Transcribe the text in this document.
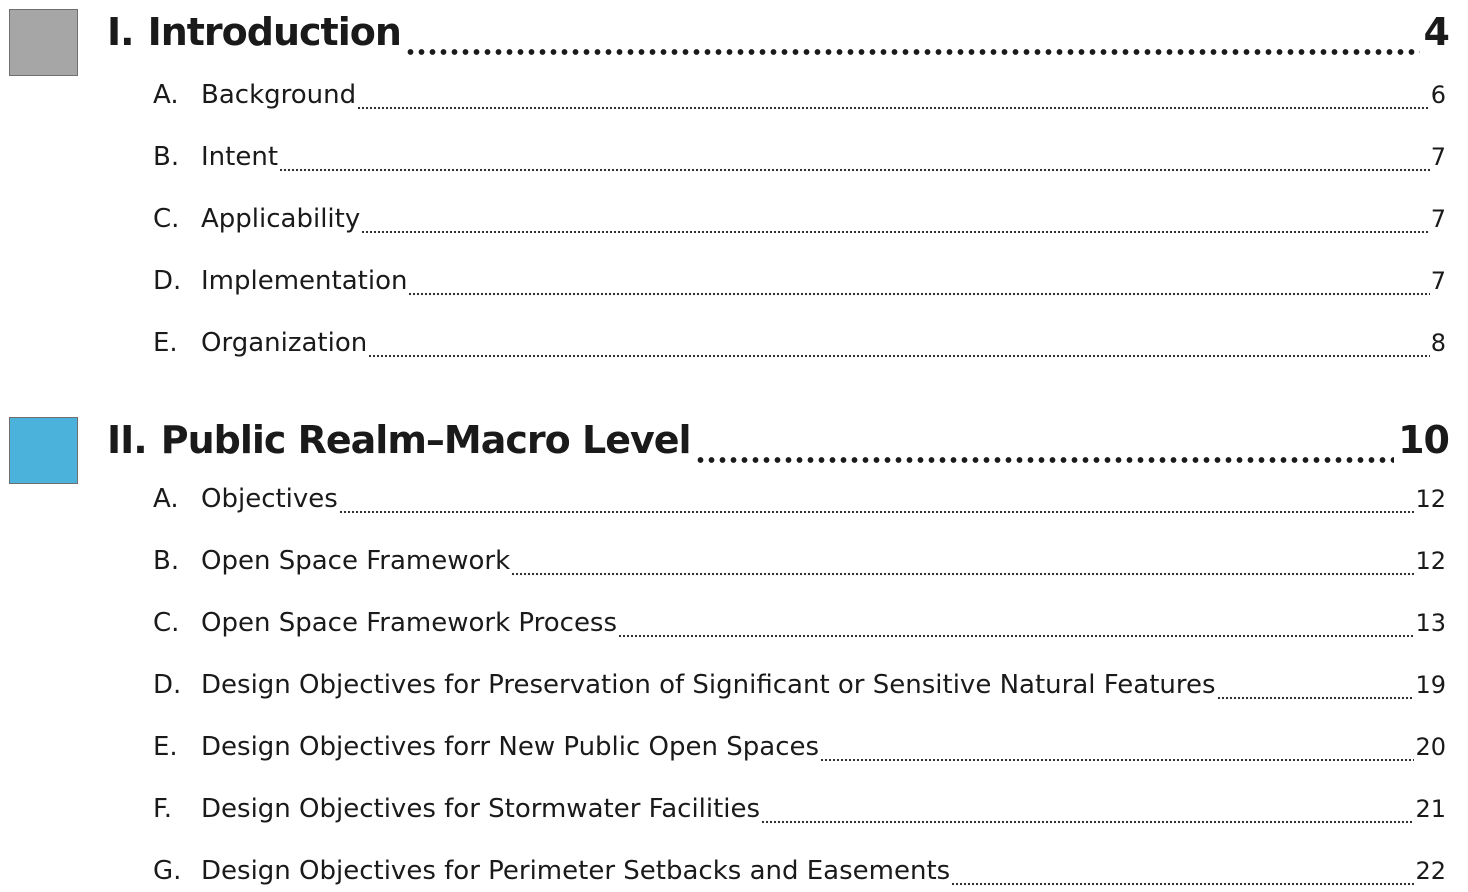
I. Introduction	4
A. Background	6
B. Intent	7
C. Applicability	7
D. Implementation	7
E. Organization	8
II. Public Realm–Macro Level	10
A. Objectives	12
B. Open Space Framework	12
C. Open Space Framework Process	13
D. Design Objectives for Preservation of Significant or Sensitive Natural Features	19
E. Design Objectives forr New Public Open Spaces	20
F.	Design Objectives for Stormwater Facilities	21
G. Design Objectives for Perimeter Setbacks and Easements	22
